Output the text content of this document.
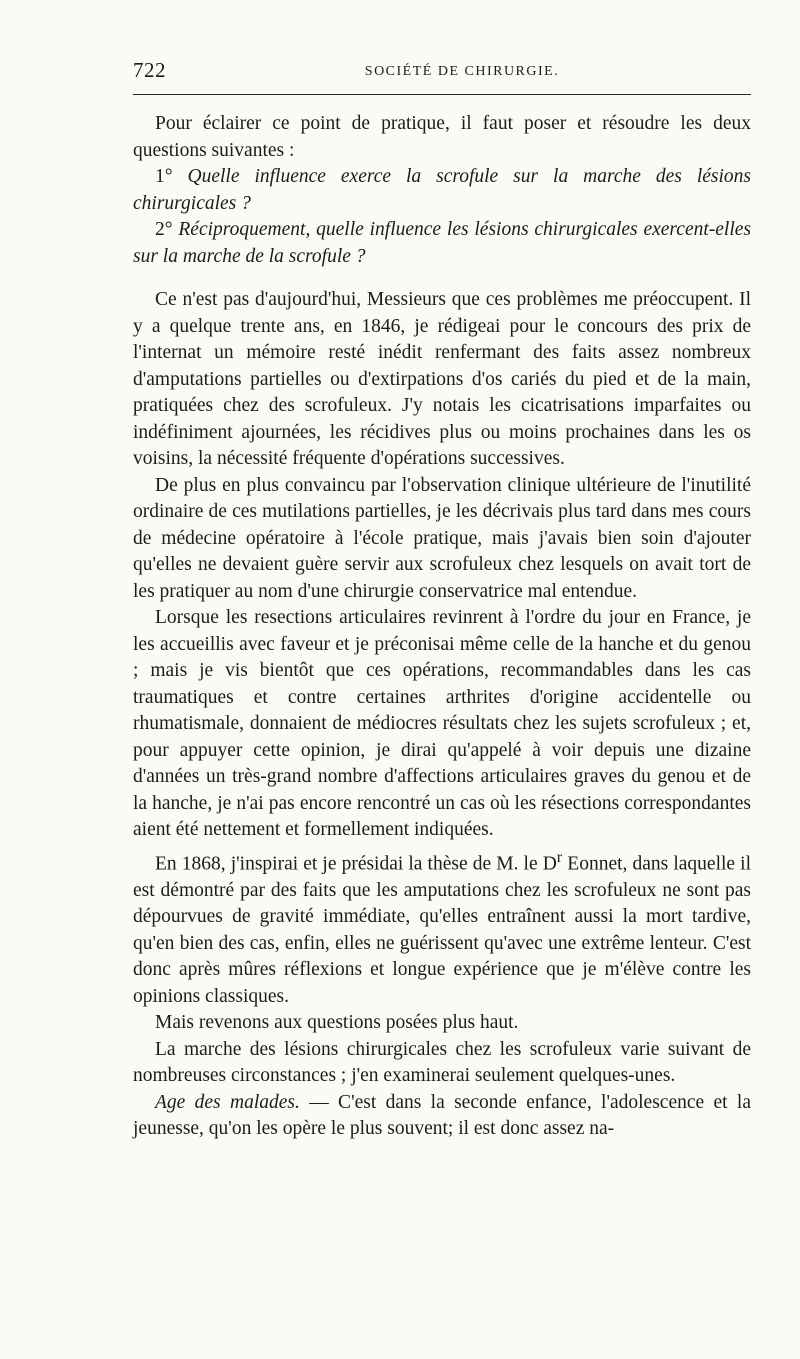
722	SOCIÉTÉ DE CHIRURGIE.

Pour éclairer ce point de pratique, il faut poser et résoudre les deux questions suivantes :

1° Quelle influence exerce la scrofule sur la marche des lésions chirurgicales ?

2° Réciproquement, quelle influence les lésions chirurgicales exercent-elles sur la marche de la scrofule ?

Ce n'est pas d'aujourd'hui, Messieurs que ces problèmes me préoccupent. Il y a quelque trente ans, en 1846, je rédigeai pour le concours des prix de l'internat un mémoire resté inédit renfermant des faits assez nombreux d'amputations partielles ou d'extirpations d'os cariés du pied et de la main, pratiquées chez des scrofuleux. J'y notais les cicatrisations imparfaites ou indéfiniment ajournées, les récidives plus ou moins prochaines dans les os voisins, la nécessité fréquente d'opérations successives.

De plus en plus convaincu par l'observation clinique ultérieure de l'inutilité ordinaire de ces mutilations partielles, je les décrivais plus tard dans mes cours de médecine opératoire à l'école pratique, mais j'avais bien soin d'ajouter qu'elles ne devaient guère servir aux scrofuleux chez lesquels on avait tort de les pratiquer au nom d'une chirurgie conservatrice mal entendue.

Lorsque les resections articulaires revinrent à l'ordre du jour en France, je les accueillis avec faveur et je préconisai même celle de la hanche et du genou ; mais je vis bientôt que ces opérations, recommandables dans les cas traumatiques et contre certaines arthrites d'origine accidentelle ou rhumatismale, donnaient de médiocres résultats chez les sujets scrofuleux ; et, pour appuyer cette opinion, je dirai qu'appelé à voir depuis une dizaine d'années un très-grand nombre d'affections articulaires graves du genou et de la hanche, je n'ai pas encore rencontré un cas où les résections correspondantes aient été nettement et formellement indiquées.

En 1868, j'inspirai et je présidai la thèse de M. le $D^r$ Eonnet, dans laquelle il est démontré par des faits que les amputations chez les scrofuleux ne sont pas dépourvues de gravité immédiate, qu'elles entraînent aussi la mort tardive, qu'en bien des cas, enfin, elles ne guérissent qu'avec une extrême lenteur. C'est donc après mûres réflexions et longue expérience que je m'élève contre les opinions classiques.

Mais revenons aux questions posées plus haut.

La marche des lésions chirurgicales chez les scrofuleux varie suivant de nombreuses circonstances ; j'en examinerai seulement quelques-unes.

Age des malades. — C'est dans la seconde enfance, l'adolescence et la jeunesse, qu'on les opère le plus souvent; il est donc assez na-
